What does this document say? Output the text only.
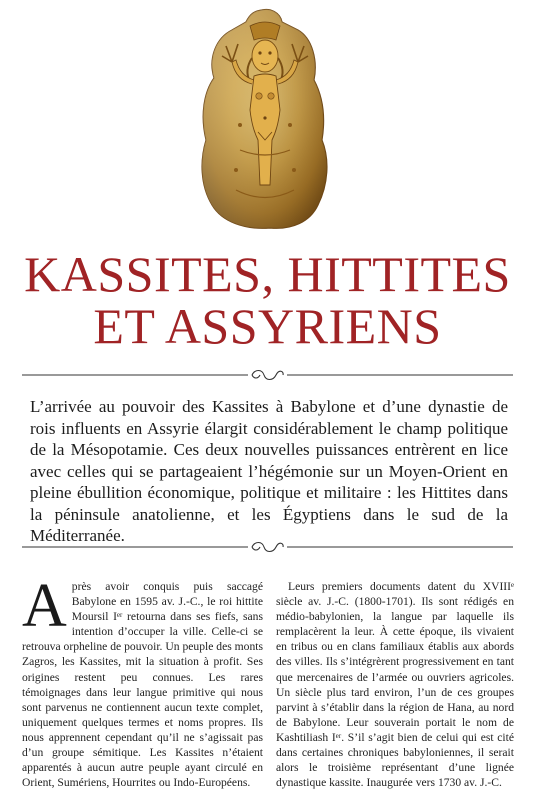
KASSITES, HITTITES
ET ASSYRIENS

L’arrivée au pouvoir des Kassites à Babylone et d’une dynastie de rois influents en Assyrie élargit considérablement le champ politique de la Mésopotamie. Ces deux nouvelles puissances entrèrent en lice avec celles qui se partageaient l’hégémonie sur un Moyen-Orient en pleine ébullition économique, politique et militaire : les Hittites dans la péninsule anatolienne, et les Égyptiens dans le sud de la Méditerranée.

Après avoir conquis puis saccagé Babylone en 1595 av. J.-C., le roi hittite Moursil Iᵉʳ retourna dans ses fiefs, sans intention d’occuper la ville. Celle-ci se retrouva orpheline de pouvoir. Un peuple des monts Zagros, les Kassites, mit la situation à profit. Ses origines restent peu connues. Les rares témoignages dans leur langue primitive qui nous sont parvenus ne contiennent aucun texte complet, uniquement quelques termes et noms propres. Ils nous apprennent cependant qu’il ne s’agissait pas d’un groupe sémitique. Les Kassites n’étaient apparentés à aucun autre peuple ayant circulé en Orient, Sumériens, Hourrites ou Indo-Européens.

Leurs premiers documents datent du XVIIIᵉ siècle av. J.-C. (1800-1701). Ils sont rédigés en médio-babylonien, la langue par laquelle ils remplacèrent la leur. À cette époque, ils vivaient en tribus ou en clans familiaux établis aux abords des villes. Ils s’intégrèrent progressivement en tant que mercenaires de l’armée ou ouvriers agricoles. Un siècle plus tard environ, l’un de ces groupes parvint à s’établir dans la région de Hana, au nord de Babylone. Leur souverain portait le nom de Kashtiliash Iᵉʳ. S’il s’agit bien de celui qui est cité dans certaines chroniques babyloniennes, il serait alors le troisième représentant d’une lignée dynastique kassite. Inaugurée vers 1730 av. J.-C.
